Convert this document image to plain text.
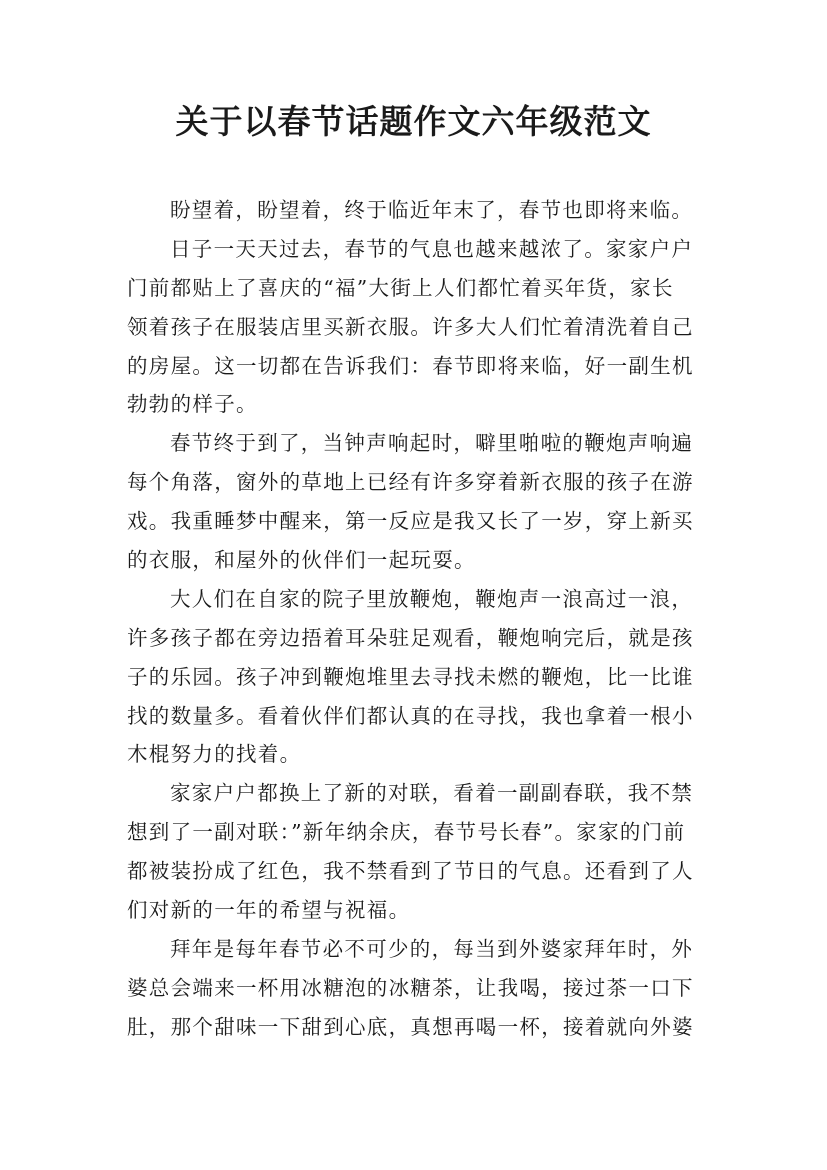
关于以春节话题作文六年级范文

盼望着，盼望着，终于临近年末了，春节也即将来临。

日子一天天过去，春节的气息也越来越浓了。家家户户

门前都贴上了喜庆的“福”大街上人们都忙着买年货，家长

领着孩子在服装店里买新衣服。许多大人们忙着清洗着自己

的房屋。这一切都在告诉我们：春节即将来临，好一副生机

勃勃的样子。

春节终于到了，当钟声响起时，噼里啪啦的鞭炮声响遍

每个角落，窗外的草地上已经有许多穿着新衣服的孩子在游

戏。我重睡梦中醒来，第一反应是我又长了一岁，穿上新买

的衣服，和屋外的伙伴们一起玩耍。

大人们在自家的院子里放鞭炮，鞭炮声一浪高过一浪，

许多孩子都在旁边捂着耳朵驻足观看，鞭炮响完后，就是孩

子的乐园。孩子冲到鞭炮堆里去寻找未燃的鞭炮，比一比谁

找的数量多。看着伙伴们都认真的在寻找，我也拿着一根小

木棍努力的找着。

家家户户都换上了新的对联，看着一副副春联，我不禁

想到了一副对联：”新年纳余庆，春节号长春”。家家的门前

都被装扮成了红色，我不禁看到了节日的气息。还看到了人

们对新的一年的希望与祝福。

拜年是每年春节必不可少的，每当到外婆家拜年时，外

婆总会端来一杯用冰糖泡的冰糖茶，让我喝，接过茶一口下

肚，那个甜味一下甜到心底，真想再喝一杯，接着就向外婆
